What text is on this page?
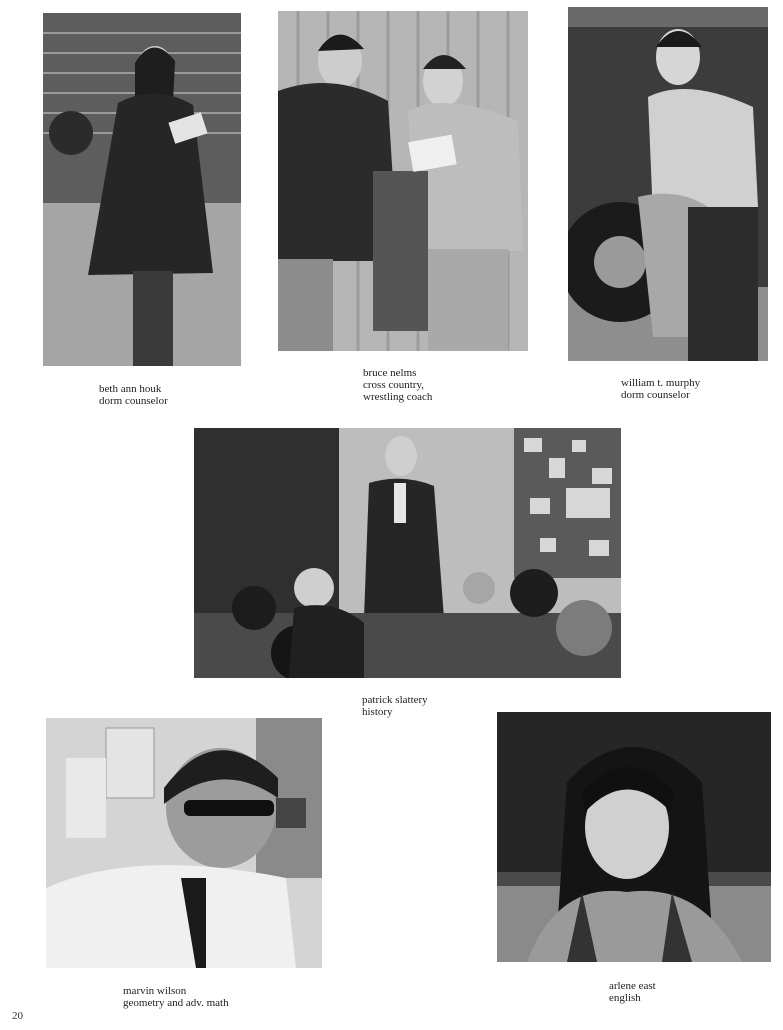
beth ann houk
dorm counselor
bruce nelms
cross country,
wrestling coach
william t. murphy
dorm counselor
patrick slattery
history
marvin wilson
geometry and adv. math
arlene east
english
20
